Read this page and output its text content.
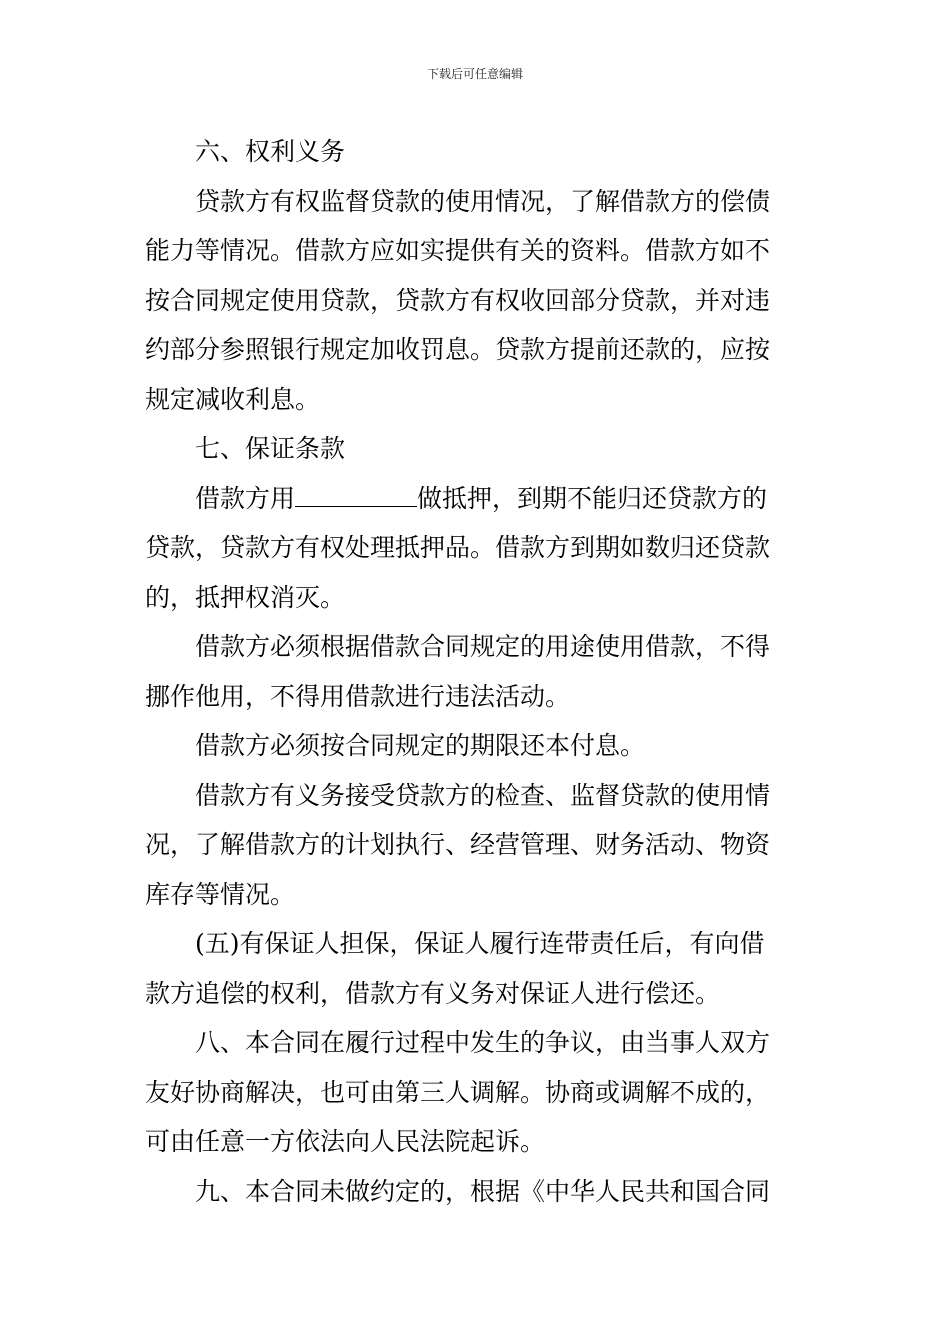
下载后可任意编辑

　　六、权利义务

　　贷款方有权监督贷款的使用情况，了解借款方的偿债

能力等情况。借款方应如实提供有关的资料。借款方如不

按合同规定使用贷款，贷款方有权收回部分贷款，并对违

约部分参照银行规定加收罚息。贷款方提前还款的，应按

规定减收利息。

　　七、保证条款

　　借款方用	做抵押，到期不能归还贷款方的

贷款，贷款方有权处理抵押品。借款方到期如数归还贷款

的，抵押权消灭。

　　借款方必须根据借款合同规定的用途使用借款，不得

挪作他用，不得用借款进行违法活动。

　　借款方必须按合同规定的期限还本付息。

　　借款方有义务接受贷款方的检查、监督贷款的使用情

况，了解借款方的计划执行、经营管理、财务活动、物资

库存等情况。

　　(五)有保证人担保，保证人履行连带责任后，有向借

款方追偿的权利，借款方有义务对保证人进行偿还。

　　八、本合同在履行过程中发生的争议，由当事人双方

友好协商解决，也可由第三人调解。协商或调解不成的，

可由任意一方依法向人民法院起诉。

　　九、本合同未做约定的，根据《中华人民共和国合同
